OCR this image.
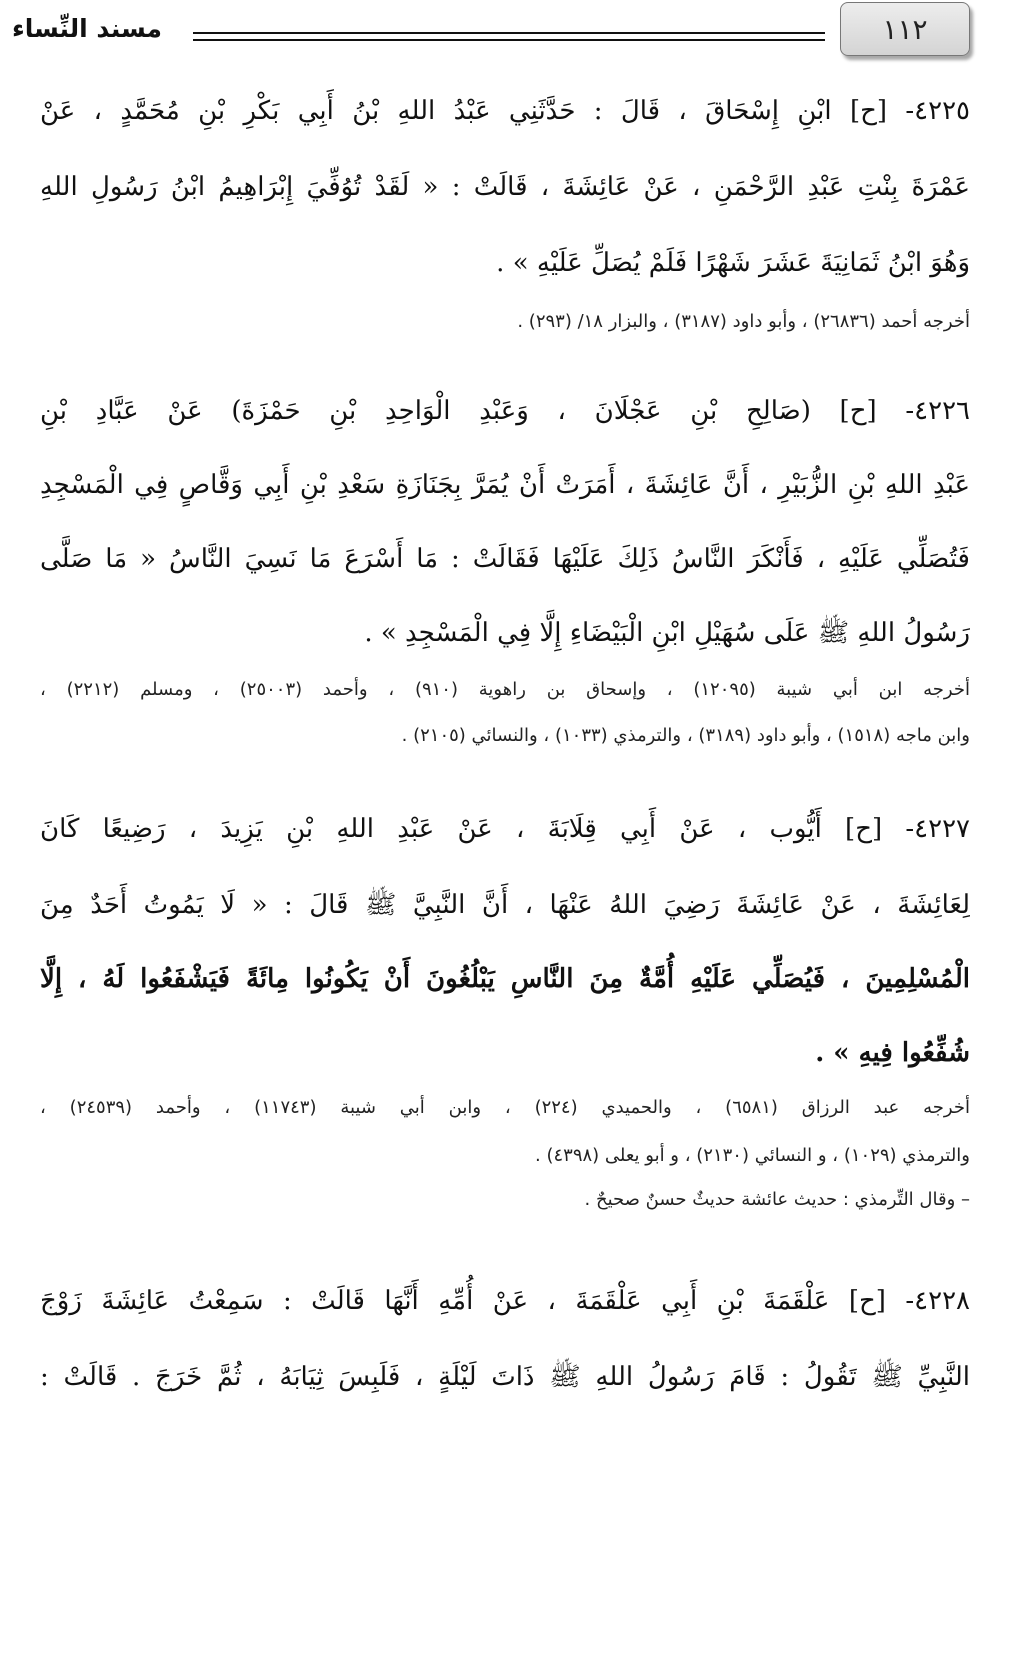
مسند النِّساء	١١٢
٤٢٢٥- [ح] ابْنِ إِسْحَاقَ ، قَالَ : حَدَّثَنِي عَبْدُ اللهِ بْنُ أَبِي بَكْرِ بْنِ مُحَمَّدٍ ، عَنْ
عَمْرَةَ بِنْتِ عَبْدِ الرَّحْمَنِ ، عَنْ عَائِشَةَ ، قَالَتْ : « لَقَدْ تُوُفِّيَ إِبْرَاهِيمُ ابْنُ رَسُولِ اللهِ
وَهُوَ ابْنُ ثَمَانِيَةَ عَشَرَ شَهْرًا فَلَمْ يُصَلِّ عَلَيْهِ » .
أخرجه أحمد (٢٦٨٣٦) ، وأبو داود (٣١٨٧) ، والبزار ١٨/ (٢٩٣) .
٤٢٢٦- [ح] (صَالِحِ بْنِ عَجْلَانَ ، وَعَبْدِ الْوَاحِدِ بْنِ حَمْزَةَ) عَنْ عَبَّادِ بْنِ
عَبْدِ اللهِ بْنِ الزُّبَيْرِ ، أَنَّ عَائِشَةَ ، أَمَرَتْ أَنْ يُمَرَّ بِجَنَازَةِ سَعْدِ بْنِ أَبِي وَقَّاصٍ فِي الْمَسْجِدِ
فَتُصَلِّي عَلَيْهِ ، فَأَنْكَرَ النَّاسُ ذَلِكَ عَلَيْهَا فَقَالَتْ : مَا أَسْرَعَ مَا نَسِيَ النَّاسُ « مَا صَلَّى
رَسُولُ اللهِ ﷺ عَلَى سُهَيْلِ ابْنِ الْبَيْضَاءِ إِلَّا فِي الْمَسْجِدِ » .
أخرجه ابن أبي شيبة (١٢٠٩٥) ، وإسحاق بن راهوية (٩١٠) ، وأحمد (٢٥٠٠٣) ، ومسلم (٢٢١٢) ،
وابن ماجه (١٥١٨) ، وأبو داود (٣١٨٩) ، والترمذي (١٠٣٣) ، والنسائي (٢١٠٥) .
٤٢٢٧- [ح] أَيُّوب ، عَنْ أَبِي قِلَابَةَ ، عَنْ عَبْدِ اللهِ بْنِ يَزِيدَ ، رَضِيعًا كَانَ
لِعَائِشَةَ ، عَنْ عَائِشَةَ رَضِيَ اللهُ عَنْهَا ، أَنَّ النَّبِيَّ ﷺ قَالَ : « لَا يَمُوتُ أَحَدٌ مِنَ
الْمُسْلِمِينَ ، فَيُصَلِّي عَلَيْهِ أُمَّةٌ مِنَ النَّاسِ يَبْلُغُونَ أَنْ يَكُونُوا مِائَةً فَيَشْفَعُوا لَهُ ، إِلَّا
شُفِّعُوا فِيهِ » .
أخرجه عبد الرزاق (٦٥٨١) ، والحميدي (٢٢٤) ، وابن أبي شيبة (١١٧٤٣) ، وأحمد (٢٤٥٣٩) ،
والترمذي (١٠٢٩) ، و النسائي (٢١٣٠) ، و أبو يعلى (٤٣٩٨) .
– وقال التِّرمذي : حديث عائشة حديثٌ حسنٌ صحيحٌ .
٤٢٢٨- [ح] عَلْقَمَةَ بْنِ أَبِي عَلْقَمَةَ ، عَنْ أُمِّهِ أَنَّهَا قَالَتْ : سَمِعْتُ عَائِشَةَ زَوْجَ
النَّبِيِّ ﷺ تَقُولُ : قَامَ رَسُولُ اللهِ ﷺ ذَاتَ لَيْلَةٍ ، فَلَبِسَ ثِيَابَهُ ، ثُمَّ خَرَجَ . قَالَتْ :
